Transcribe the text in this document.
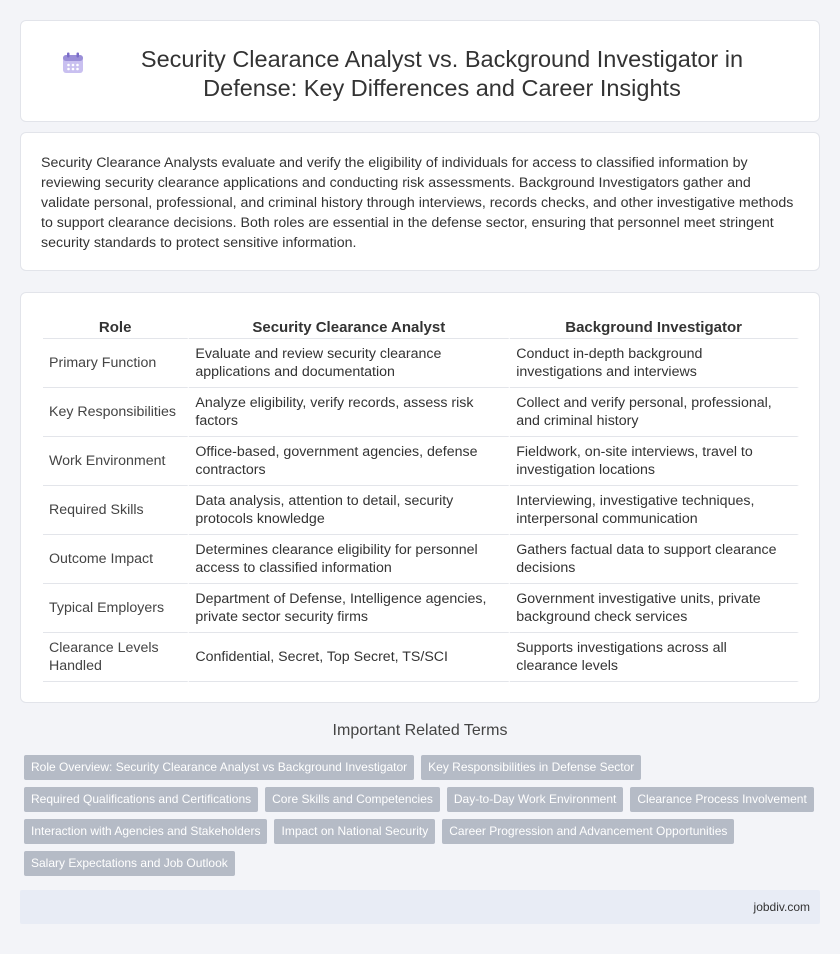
Security Clearance Analyst vs. Background Investigator in Defense: Key Differences and Career Insights

Security Clearance Analysts evaluate and verify the eligibility of individuals for access to classified information by reviewing security clearance applications and conducting risk assessments. Background Investigators gather and validate personal, professional, and criminal history through interviews, records checks, and other investigative methods to support clearance decisions. Both roles are essential in the defense sector, ensuring that personnel meet stringent security standards to protect sensitive information.

Role	Security Clearance Analyst	Background Investigator
Primary Function	Evaluate and review security clearance applications and documentation	Conduct in-depth background investigations and interviews
Key Responsibilities	Analyze eligibility, verify records, assess risk factors	Collect and verify personal, professional, and criminal history
Work Environment	Office-based, government agencies, defense contractors	Fieldwork, on-site interviews, travel to investigation locations
Required Skills	Data analysis, attention to detail, security protocols knowledge	Interviewing, investigative techniques, interpersonal communication
Outcome Impact	Determines clearance eligibility for personnel access to classified information	Gathers factual data to support clearance decisions
Typical Employers	Department of Defense, Intelligence agencies, private sector security firms	Government investigative units, private background check services
Clearance Levels Handled	Confidential, Secret, Top Secret, TS/SCI	Supports investigations across all clearance levels
Important Related Terms
Role Overview: Security Clearance Analyst vs Background Investigator	Key Responsibilities in Defense Sector
Required Qualifications and Certifications	Core Skills and Competencies	Day-to-Day Work Environment	Clearance Process Involvement
Interaction with Agencies and Stakeholders	Impact on National Security	Career Progression and Advancement Opportunities
Salary Expectations and Job Outlook
jobdiv.com
